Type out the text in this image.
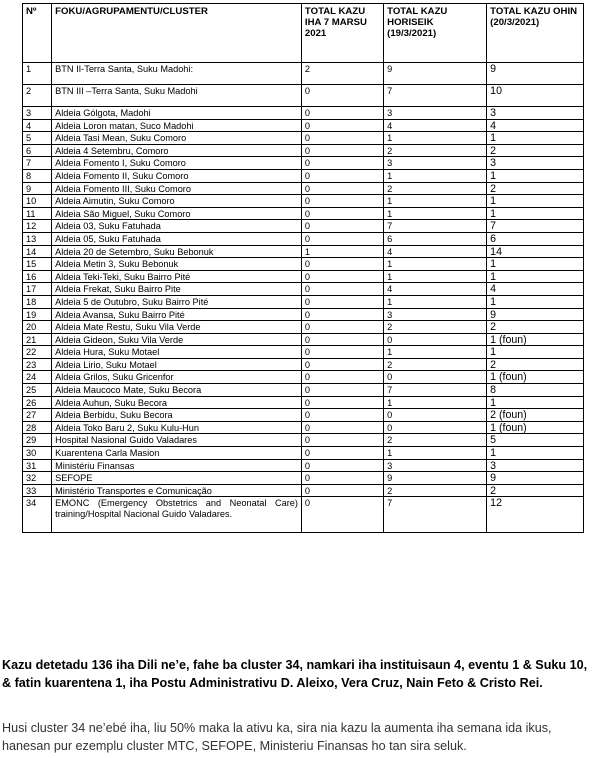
Nº	FOKU/AGRUPAMENTU/CLUSTER	TOTAL KAZU IHA 7 MARSU 2021	TOTAL KAZU HORISEIK (19/3/2021)	TOTAL KAZU OHIN (20/3/2021)
1	BTN II-Terra Santa, Suku Madohi:	2	9	9
2	BTN III –Terra Santa, Suku Madohi	0	7	10
3	Aldeia Gólgota, Madohi	0	3	3
4	Aldeia Loron matan, Suco Madohi	0	4	4
5	Aldeia Tasi Mean, Suku Comoro	0	1	1
6	Aldeia 4 Setembru, Comoro	0	2	2
7	Aldeia Fomento I, Suku Comoro	0	3	3
8	Aldeia Fomento II, Suku Comoro	0	1	1
9	Aldeia Fomento III, Suku Comoro	0	2	2
10	Aldeia Aimutin, Suku Comoro	0	1	1
11	Aldeia São Miguel, Suku Comoro	0	1	1
12	Aldeia 03, Suku Fatuhada	0	7	7
13	Aldeia 05, Suku Fatuhada	0	6	6
14	Aldeia 20 de Setembro, Suku Bebonuk	1	4	14
15	Aldeia Metin 3, Suku Bebonuk	0	1	1
16	Aldeia Teki-Teki, Suku Bairro Pité	0	1	1
17	Aldeia Frekat, Suku Bairro Pite	0	4	4
18	Aldeia 5 de Outubro, Suku Bairro Pité	0	1	1
19	Aldeia Avansa, Suku Bairro Pité	0	3	9
20	Aldeia Mate Restu, Suku Vila Verde	0	2	2
21	Aldeia Gideon, Suku Vila Verde	0	0	1 (foun)
22	Aldeia Hura, Suku Motael	0	1	1
23	Aldeia Lirio, Suku Motael	0	2	2
24	Aldeia Grilos, Suku Gricenfor	0	0	1 (foun)
25	Aldeia Maucoco Mate, Suku Becora	0	7	8
26	Aldeia Auhun, Suku Becora	0	1	1
27	Aldeia Berbidu, Suku Becora	0	0	2 (foun)
28	Aldeia Toko Baru 2, Suku Kulu-Hun	0	0	1 (foun)
29	Hospital Nasional Guido Valadares	0	2	5
30	Kuarentena Carla Masion	0	1	1
31	Ministériu Finansas	0	3	3
32	SEFOPE	0	9	9
33	Ministério Transportes e Comunicação	0	2	2
34	EMONC (Emergency Obstetrics and Neonatal Care) training/Hospital Nacional Guido Valadares.	0	7	12
Kazu detetadu 136 iha Dili ne’e, fahe ba cluster 34, namkari iha instituisaun 4, eventu 1 & Suku 10, & fatin kuarentena 1, iha Postu Administrativu D. Aleixo, Vera Cruz, Nain Feto & Cristo Rei.
Husi cluster 34 ne’ebé iha, liu 50% maka la ativu ka, sira nia kazu la aumenta iha semana ida ikus, hanesan pur ezemplu cluster MTC, SEFOPE, Ministeriu Finansas ho tan sira seluk.
